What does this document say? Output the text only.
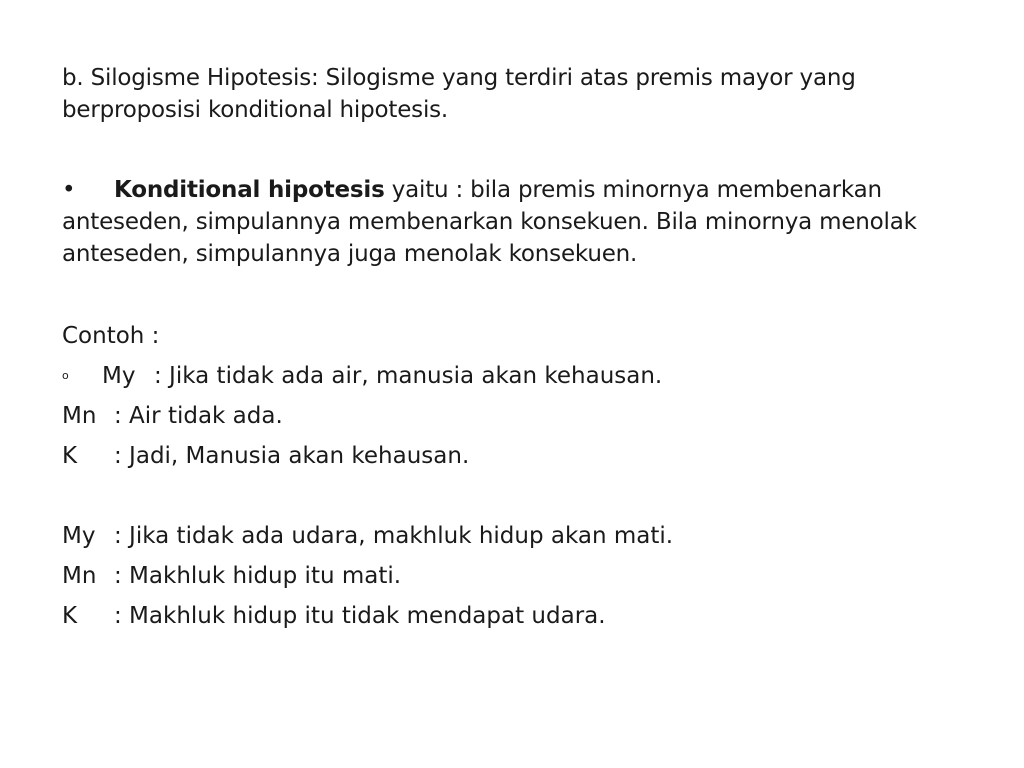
b. Silogisme Hipotesis: Silogisme yang terdiri atas premis mayor yang berproposisi konditional hipotesis.

• Konditional hipotesis yaitu : bila premis minornya membenarkan anteseden, simpulannya membenarkan konsekuen. Bila minornya menolak anteseden, simpulannya juga menolak konsekuen.
Contoh :
o	My : Jika tidak ada air, manusia akan kehausan.
Mn : Air tidak ada.
K	: Jadi, Manusia akan kehausan.
My : Jika tidak ada udara, makhluk hidup akan mati.
Mn : Makhluk hidup itu mati.
K	: Makhluk hidup itu tidak mendapat udara.
